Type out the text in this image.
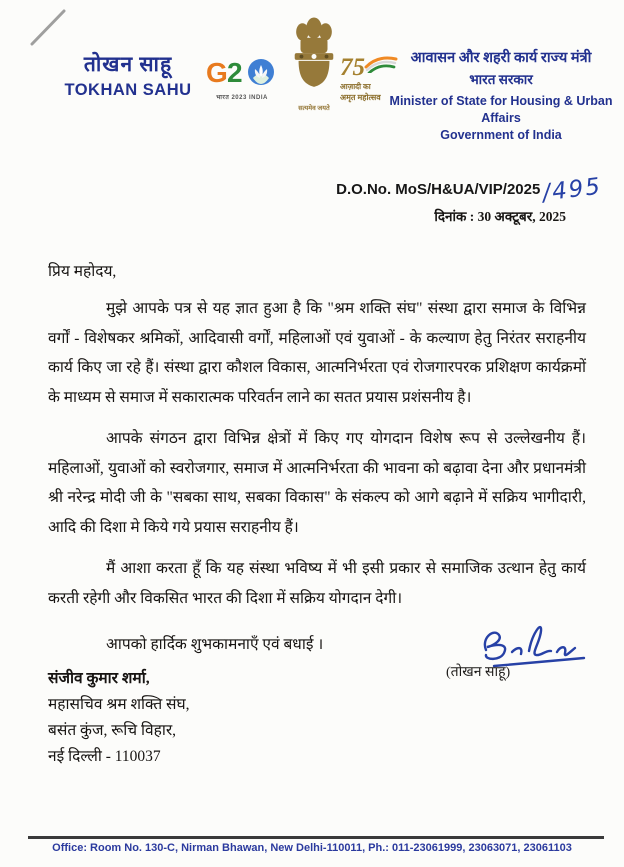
तोखन साहू
TOKHAN SAHU
G 2
भारत 2023 INDIA
सत्यमेव जयते
75
आज़ादी का
अमृत महोत्सव
आवासन और शहरी कार्य राज्य मंत्री
भारत सरकार
Minister of State for Housing & Urban Affairs
Government of India
D.O.No. MoS/H&UA/VIP/2025/495
दिनांक : 30 अक्टूबर, 2025

प्रिय महोदय,

मुझे आपके पत्र से यह ज्ञात हुआ है कि "श्रम शक्ति संघ" संस्था द्वारा समाज के विभिन्न वर्गों - विशेषकर श्रमिकों, आदिवासी वर्गों, महिलाओं एवं युवाओं - के कल्याण हेतु निरंतर सराहनीय कार्य किए जा रहे हैं। संस्था द्वारा कौशल विकास, आत्मनिर्भरता एवं रोजगारपरक प्रशिक्षण कार्यक्रमों के माध्यम से समाज में सकारात्मक परिवर्तन लाने का सतत प्रयास प्रशंसनीय है।

आपके संगठन द्वारा विभिन्न क्षेत्रों में किए गए योगदान विशेष रूप से उल्लेखनीय हैं। महिलाओं, युवाओं को स्वरोजगार, समाज में आत्मनिर्भरता की भावना को बढ़ावा देना और प्रधानमंत्री श्री नरेन्द्र मोदी जी के "सबका साथ, सबका विकास" के संकल्प को आगे बढ़ाने में सक्रिय भागीदारी, आदि की दिशा मे किये गये प्रयास सराहनीय हैं।

मैं आशा करता हूँ कि यह संस्था भविष्य में भी इसी प्रकार से समाजिक उत्थान हेतु कार्य करती रहेगी और विकसित भारत की दिशा में सक्रिय योगदान देगी।

आपको हार्दिक शुभकामनाएँ एवं बधाई ।

(तोखन साहू)
संजीव कुमार शर्मा,
महासचिव श्रम शक्ति संघ,
बसंत कुंज, रूचि विहार,
नई दिल्ली - 110037
Office: Room No. 130-C, Nirman Bhawan, New Delhi-110011, Ph.: 011-23061999, 23063071, 23061103
